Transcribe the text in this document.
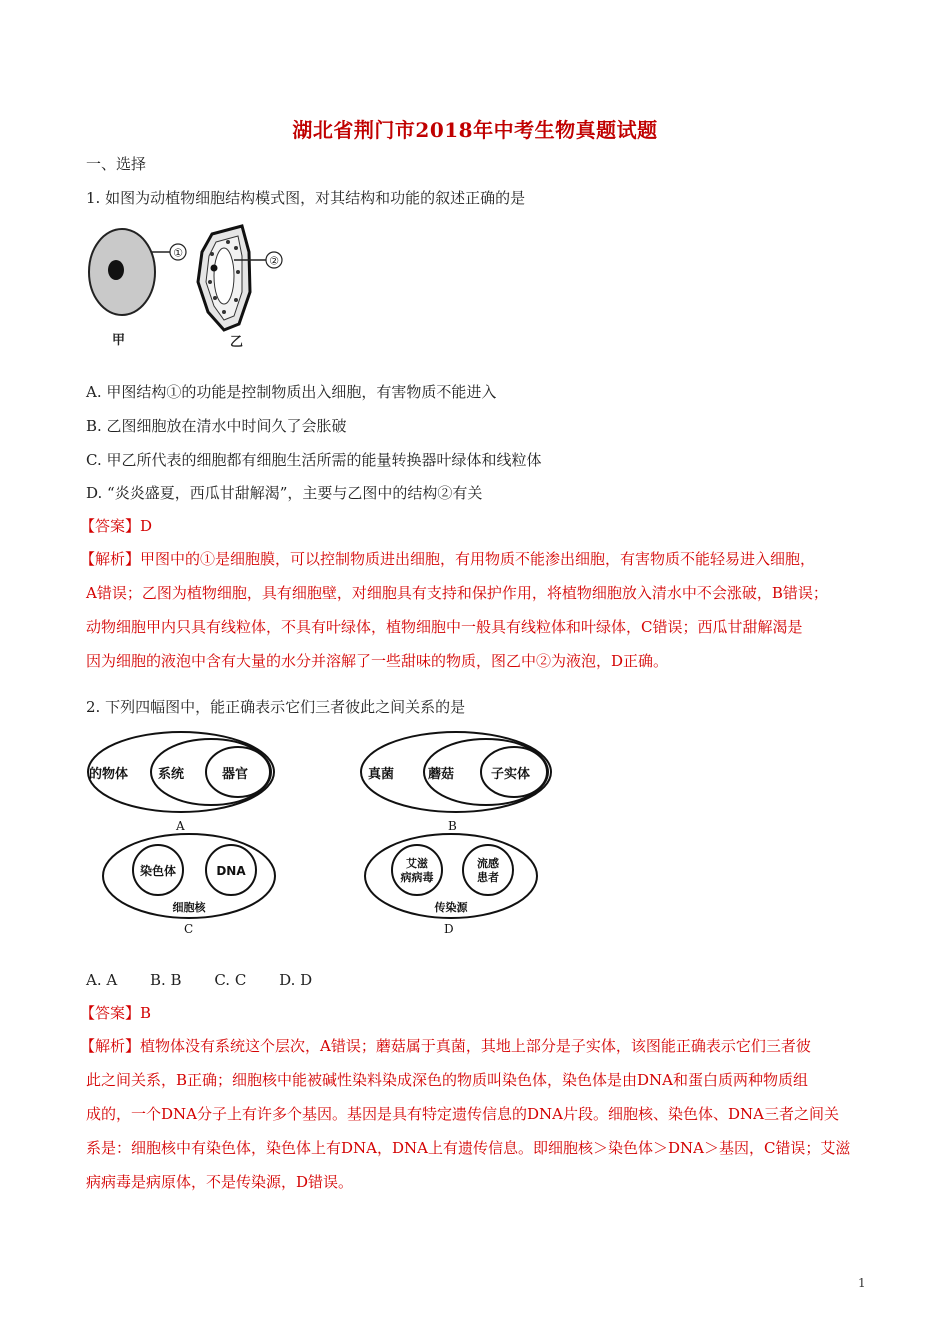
湖北省荆门市2018年中考生物真题试题
一、选择
1. 如图为动植物细胞结构模式图，对其结构和功能的叙述正确的是
①
甲
②
乙
A. 甲图结构①的功能是控制物质出入细胞，有害物质不能进入
B. 乙图细胞放在清水中时间久了会胀破
C. 甲乙所代表的细胞都有细胞生活所需的能量转换器叶绿体和线粒体
D. “炎炎盛夏，西瓜甘甜解渴”，主要与乙图中的结构②有关
【答案】D
【解析】甲图中的①是细胞膜，可以控制物质进出细胞，有用物质不能渗出细胞，有害物质不能轻易进入细胞，
A错误；乙图为植物细胞，具有细胞壁，对细胞具有支持和保护作用，将植物细胞放入清水中不会涨破，B错误；
动物细胞甲内只具有线粒体，不具有叶绿体，植物细胞中一般具有线粒体和叶绿体，C错误；西瓜甘甜解渴是
因为细胞的液泡中含有大量的水分并溶解了一些甜味的物质，图乙中②为液泡，D正确。
2. 下列四幅图中，能正确表示它们三者彼此之间关系的是
的物体 系统	器官
A
真菌	蘑菇	子实体
B
染色体	DNA
细胞核
C
艾滋
病病毒
流感
患者
传染源
D
A. A B. B C. C D. D
【答案】B
【解析】植物体没有系统这个层次，A错误；蘑菇属于真菌，其地上部分是子实体，该图能正确表示它们三者彼
此之间关系，B正确；细胞核中能被碱性染料染成深色的物质叫染色体，染色体是由DNA和蛋白质两种物质组
成的，一个DNA分子上有许多个基因。基因是具有特定遗传信息的DNA片段。细胞核、染色体、DNA三者之间关
系是：细胞核中有染色体，染色体上有DNA，DNA上有遗传信息。即细胞核＞染色体＞DNA＞基因，C错误；艾滋
病病毒是病原体，不是传染源，D错误。
1
